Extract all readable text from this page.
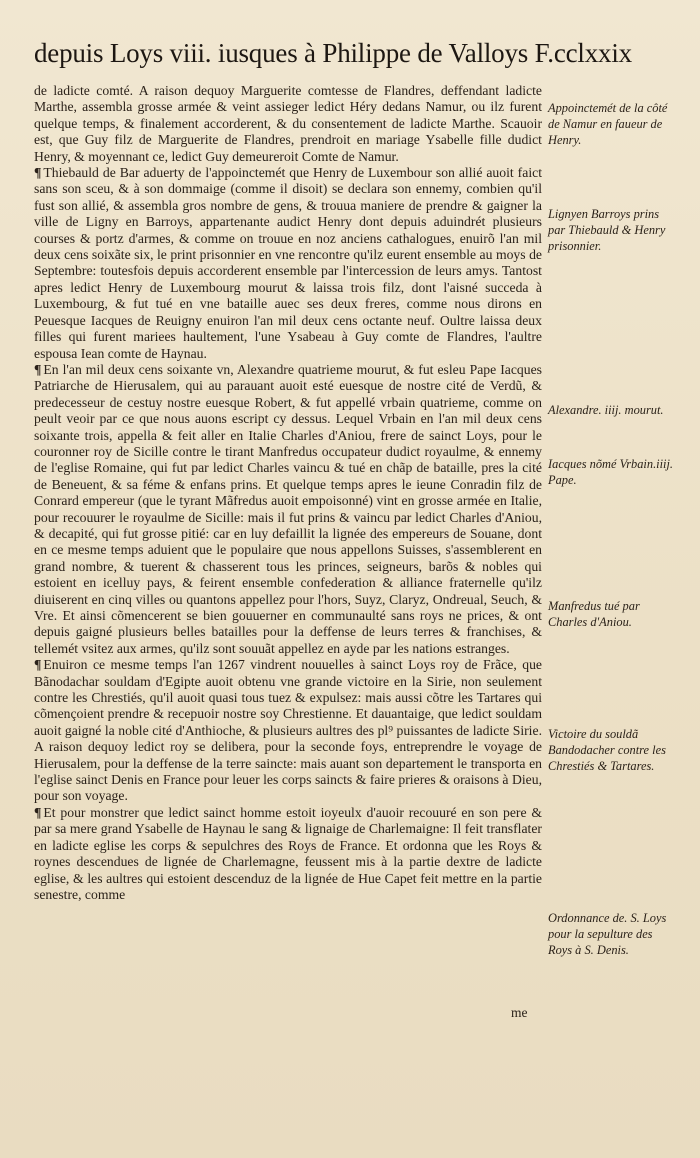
depuis Loys viii. iusques à Philippe de Valloys F.cclxxix

de ladicte comté. A raison dequoy Marguerite comtesse de Flandres, deffendant ladicte Marthe, assembla grosse armée & veint assieger ledict Héry dedans Namur, ou ilz furent quelque temps, & finalement accorderent, & du consentement de ladicte Marthe. Scauoir est, que Guy filz de Marguerite de Flandres, prendroit en mariage Ysabelle fille dudict Henry, & moyennant ce, ledict Guy demeureroit Comte de Namur.

¶ Thiebauld de Bar aduerty de l'appoinctemét que Henry de Luxembour son allié auoit faict sans son sceu, & à son dommaige (comme il disoit) se declara son ennemy, combien qu'il fust son allié, & assembla gros nombre de gens, & trouua maniere de prendre & gaigner la ville de Ligny en Barroys, appartenante audict Henry dont depuis aduindrét plusieurs courses & portz d'armes, & comme on trouue en noz anciens cathalogues, enuirõ l'an mil deux cens soixãte six, le print prisonnier en vne rencontre qu'ilz eurent ensemble au moys de Septembre: toutesfois depuis accorderent ensemble par l'intercession de leurs amys. Tantost apres ledict Henry de Luxembourg mourut & laissa trois filz, dont l'aisné succeda à Luxembourg, & fut tué en vne bataille auec ses deux freres, comme nous dirons en Peuesque Iacques de Reuigny enuiron l'an mil deux cens octante neuf. Oultre laissa deux filles qui furent mariees haultement, l'une Ysabeau à Guy comte de Flandres, l'aultre espousa Iean comte de Haynau.

¶ En l'an mil deux cens soixante vn, Alexandre quatrieme mourut, & fut esleu Pape Iacques Patriarche de Hierusalem, qui au parauant auoit esté euesque de nostre cité de Verdũ, & predecesseur de cestuy nostre euesque Robert, & fut appellé vrbain quatrieme, comme on peult veoir par ce que nous auons escript cy dessus. Lequel Vrbain en l'an mil deux cens soixante trois, appella & feit aller en Italie Charles d'Aniou, frere de sainct Loys, pour le couronner roy de Sicille contre le tirant Manfredus occupateur dudict royaulme, & ennemy de l'eglise Romaine, qui fut par ledict Charles vaincu & tué en chãp de bataille, pres la cité de Beneuent, & sa féme & enfans prins. Et quelque temps apres le ieune Conradin filz de Conrard empereur (que le tyrant Mãfredus auoit empoisonné) vint en grosse armée en Italie, pour recouurer le royaulme de Sicille: mais il fut prins & vaincu par ledict Charles d'Aniou, & decapité, qui fut grosse pitié: car en luy defaillit la lignée des empereurs de Souane, dont en ce mesme temps aduient que le populaire que nous appellons Suisses, s'assemblerent en grand nombre, & tuerent & chasserent tous les princes, seigneurs, barõs & nobles qui estoient en icelluy pays, & feirent ensemble confederation & alliance fraternelle qu'ilz diuiserent en cinq villes ou quantons appellez pour l'hors, Suyz, Claryz, Ondreual, Seuch, & Vre. Et ainsi cõmencerent se bien gouuerner en communaulté sans roys ne prices, & ont depuis gaigné plusieurs belles batailles pour la deffense de leurs terres & franchises, & tellemét vsitez aux armes, qu'ilz sont souuãt appellez en ayde par les nations estranges.

¶ Enuiron ce mesme temps l'an 1267 vindrent nouuelles à sainct Loys roy de Frãce, que Bãnodachar souldam d'Egipte auoit obtenu vne grande victoire en la Sirie, non seulement contre les Chrestiés, qu'il auoit quasi tous tuez & expulsez: mais aussi cõtre les Tartares qui cõmençoient prendre & recepuoir nostre soy Chrestienne. Et dauantaige, que ledict souldam auoit gaigné la noble cité d'Anthioche, & plusieurs aultres des pl⁹ puissantes de ladicte Sirie. A raison dequoy ledict roy se delibera, pour la seconde foys, entreprendre le voyage de Hierusalem, pour la deffense de la terre saincte: mais auant son departement le transporta en l'eglise sainct Denis en France pour leuer les corps saincts & faire prieres & oraisons à Dieu, pour son voyage.

¶ Et pour monstrer que ledict sainct homme estoit ioyeulx d'auoir recouuré en son pere & par sa mere grand Ysabelle de Haynau le sang & lignaige de Charlemaigne: Il feit transflater en ladicte eglise les corps & sepulchres des Roys de France. Et ordonna que les Roys & roynes descendues de lignée de Charlemagne, feussent mis à la partie dextre de ladicte eglise, & les aultres qui estoient descenduz de la lignée de Hue Capet feit mettre en la partie senestre, comme

me
Appoinctemét de la côté de Namur en faueur de Henry.
Lignyen Barroys prins par Thiebauld & Henry prisonnier.
Alexandre. iiij. mourut.
Iacques nõmé Vrbain.iiij. Pape.
Manfredus tué par Charles d'Aniou.
Victoire du souldã Bandodacher contre les Chrestiés & Tartares.
Ordonnance de. S. Loys pour la sepulture des Roys à S. Denis.
